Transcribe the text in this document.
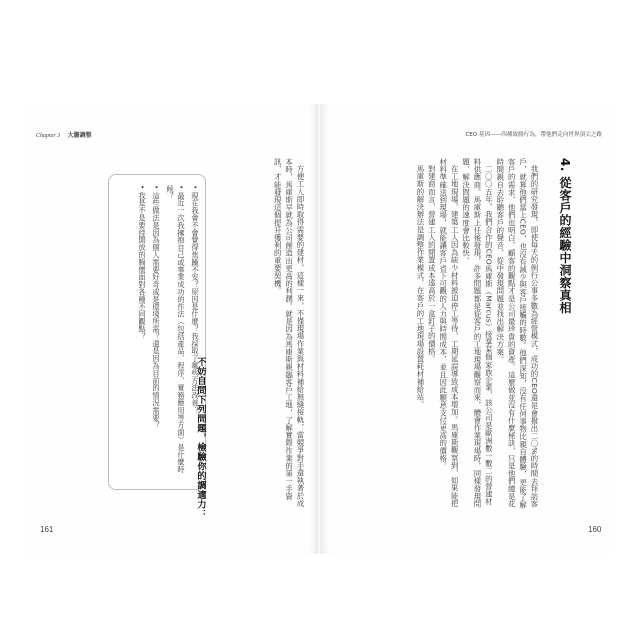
Chapter 3 大膽調整	CEO 基因——四種致勝行為，帶他們走向世界頂尖之路
4. 從客戶的經驗中洞察真相

我們的研究發現，即使每天的例行公事多數為經營模式，成功的CEO還是會撥出二〇%的時間去拜訪客戶，就算他們當上CEO，也沒有減少與客戶接觸的時數。他們深知，沒有任何事物比親自體驗，更能了解客戶的需求，他們也明白，顧客的觀點才是公司最珍貴的資產。這麼做並沒有什麼秘訣，只是他們總是花時間親自去聆聽客戶的聲音，從中發現問題並找出解決方案。

二〇〇五年，我們合作的CEO馬庫斯（Marcus）接掌某個家族企業，該公司是歐洲數一數二的營建材料供應商。馬庫斯上任後發現，許多問題都是從客戶的工地現場觀察而來，體會作業現場時，同樣發現問題、解決問題的速度會比較快。

在工地現場，建築工人因為缺少材料被迫停工等待，工期延誤導致成本增加。馬庫斯觀察到，如果能把材料準確送到現場，就能讓客戶省下可觀的人力與時間成本，並且因此願意支付更高的價格。

對建商而言，營建工人的閒置成本遠高於一盒釘子的價格。

馬庫斯的解決辦法是調整作業模式，在客戶的工地現場設置耗材補給站。

方便工人即時取得需要的建材，這樣一來，不僅現場作業與材料補給無縫接軌，當競爭對手還執著於成本時，馬庫斯早就為公司創造出更高的利潤。就是因為馬庫斯親臨客戶工地，了解實際作業的第一手資訊，才能發現這個提升獲利的重要契機。

不妨自問下列問題，檢驗你的調適力：
• 現在我會不會覺得焦躁不安？原因是什麼？我採取了哪些方法改善？
• 最近一次我擁抱自己或事業成功的作法（包括產品、程序、實務應用等方面）是什麼時候？
• 這些做法是因為個人需要好奇或是環境所需？還是因為目前的情況需要？
• 我是不是要持開放的胸懷面對各種不同觀點？
161	160
